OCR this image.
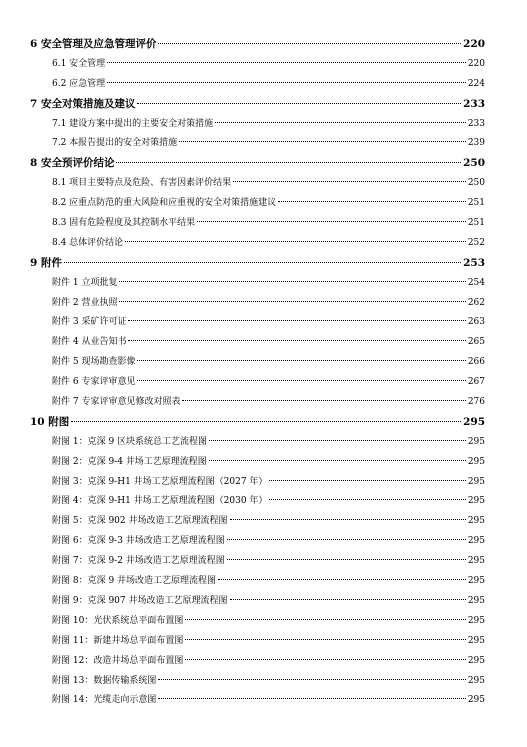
6 安全管理及应急管理评价	220
6.1 安全管理	220
6.2 应急管理	224
7 安全对策措施及建议	233
7.1 建设方案中提出的主要安全对策措施	233
7.2 本报告提出的安全对策措施	239
8 安全预评价结论	250
8.1 项目主要特点及危险、有害因素评价结果	250
8.2 应重点防范的重大风险和应重视的安全对策措施建议	251
8.3 固有危险程度及其控制水平结果	251
8.4 总体评价结论	252
9 附件	253
附件 1 立项批复	254
附件 2 营业执照	262
附件 3 采矿许可证	263
附件 4 从业告知书	265
附件 5 现场勘查影像	266
附件 6 专家评审意见	267
附件 7 专家评审意见修改对照表	276
10 附图	295
附图 1：克深 9 区块系统总工艺流程图	295
附图 2：克深 9-4 井场工艺原理流程图	295
附图 3：克深 9-H1 井场工艺原理流程图（2027 年）	295
附图 4：克深 9-H1 井场工艺原理流程图（2030 年）	295
附图 5：克深 902 井场改造工艺原理流程图	295
附图 6：克深 9-3 井场改造工艺原理流程图	295
附图 7：克深 9-2 井场改造工艺原理流程图	295
附图 8：克深 9 井场改造工艺原理流程图	295
附图 9：克深 907 井场改造工艺原理流程图	295
附图 10：光伏系统总平面布置图	295
附图 11：新建井场总平面布置图	295
附图 12：改造井场总平面布置图	295
附图 13：数据传输系统图	295
附图 14：光缆走向示意图	295
